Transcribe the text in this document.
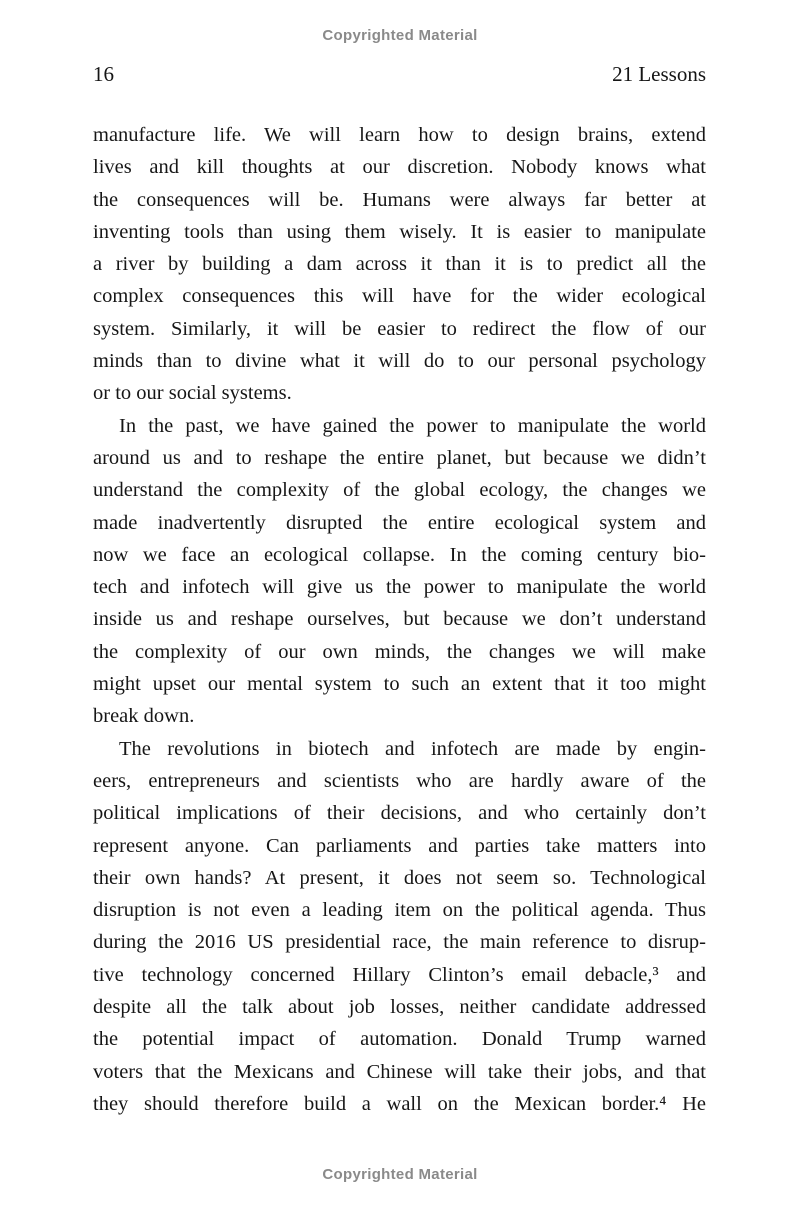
Copyrighted Material
16	21 Lessons
manufacture life. We will learn how to design brains, extend
lives and kill thoughts at our discretion. Nobody knows what
the consequences will be. Humans were always far better at
inventing tools than using them wisely. It is easier to manipulate
a river by building a dam across it than it is to predict all the
complex consequences this will have for the wider ecological
system. Similarly, it will be easier to redirect the flow of our
minds than to divine what it will do to our personal psychology
or to our social systems.
In the past, we have gained the power to manipulate the world
around us and to reshape the entire planet, but because we didn’t
understand the complexity of the global ecology, the changes we
made inadvertently disrupted the entire ecological system and
now we face an ecological collapse. In the coming century bio-
tech and infotech will give us the power to manipulate the world
inside us and reshape ourselves, but because we don’t understand
the complexity of our own minds, the changes we will make
might upset our mental system to such an extent that it too might
break down.
The revolutions in biotech and infotech are made by engin-
eers, entrepreneurs and scientists who are hardly aware of the
political implications of their decisions, and who certainly don’t
represent anyone. Can parliaments and parties take matters into
their own hands? At present, it does not seem so. Technological
disruption is not even a leading item on the political agenda. Thus
during the 2016 US presidential race, the main reference to disrup-
tive technology concerned Hillary Clinton’s email debacle,³ and
despite all the talk about job losses, neither candidate addressed
the potential impact of automation. Donald Trump warned
voters that the Mexicans and Chinese will take their jobs, and that
they should therefore build a wall on the Mexican border.⁴ He
Copyrighted Material
